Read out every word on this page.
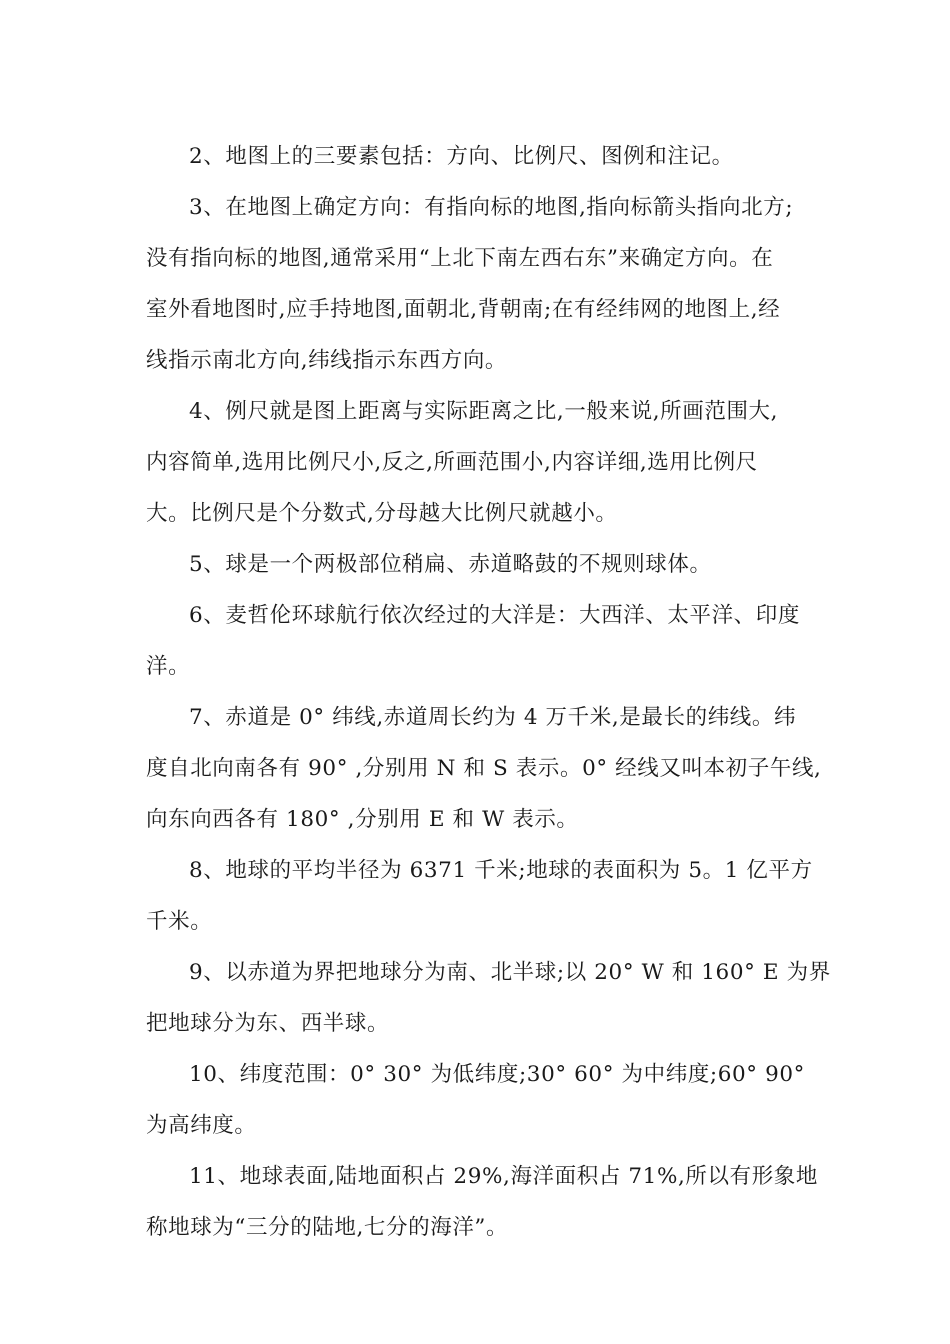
2、地图上的三要素包括：方向、比例尺、图例和注记。

3、在地图上确定方向：有指向标的地图,指向标箭头指向北方;
没有指向标的地图,通常采用“上北下南左西右东”来确定方向。在
室外看地图时,应手持地图,面朝北,背朝南;在有经纬网的地图上,经
线指示南北方向,纬线指示东西方向。

4、例尺就是图上距离与实际距离之比,一般来说,所画范围大,
内容简单,选用比例尺小,反之,所画范围小,内容详细,选用比例尺
大。比例尺是个分数式,分母越大比例尺就越小。

5、球是一个两极部位稍扁、赤道略鼓的不规则球体。

6、麦哲伦环球航行依次经过的大洋是：大西洋、太平洋、印度
洋。

7、赤道是 0° 纬线,赤道周长约为 4 万千米,是最长的纬线。纬
度自北向南各有 90° ,分别用 N 和 S 表示。0° 经线又叫本初子午线,
向东向西各有 180° ,分别用 E 和 W 表示。

8、地球的平均半径为 6371 千米;地球的表面积为 5。1 亿平方
千米。

9、以赤道为界把地球分为南、北半球;以 20° W 和 160° E 为界
把地球分为东、西半球。

10、纬度范围：0° 30° 为低纬度;30° 60° 为中纬度;60° 90°
为高纬度。

11、地球表面,陆地面积占 29%,海洋面积占 71%,所以有形象地
称地球为“三分的陆地,七分的海洋”。
